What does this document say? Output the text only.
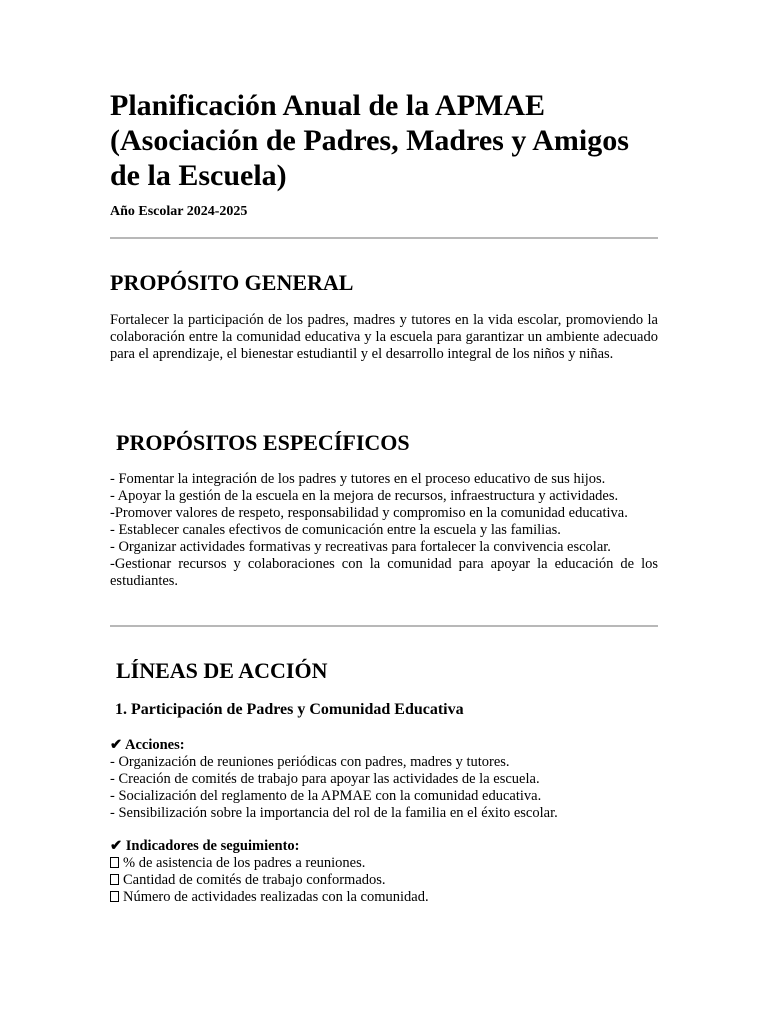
Planificación Anual de la APMAE (Asociación de Padres, Madres y Amigos de la Escuela)
Año Escolar 2024-2025
PROPÓSITO GENERAL

Fortalecer la participación de los padres, madres y tutores en la vida escolar, promoviendo la colaboración entre la comunidad educativa y la escuela para garantizar un ambiente adecuado para el aprendizaje, el bienestar estudiantil y el desarrollo integral de los niños y niñas.

PROPÓSITOS ESPECÍFICOS

- Fomentar la integración de los padres y tutores en el proceso educativo de sus hijos.

- Apoyar la gestión de la escuela en la mejora de recursos, infraestructura y actividades.

-Promover valores de respeto, responsabilidad y compromiso en la comunidad educativa.

- Establecer canales efectivos de comunicación entre la escuela y las familias.

- Organizar actividades formativas y recreativas para fortalecer la convivencia escolar.

-Gestionar recursos y colaboraciones con la comunidad para apoyar la educación de los estudiantes.

LÍNEAS DE ACCIÓN
1. Participación de Padres y Comunidad Educativa
✔ Acciones:
- Organización de reuniones periódicas con padres, madres y tutores.
- Creación de comités de trabajo para apoyar las actividades de la escuela.
- Socialización del reglamento de la APMAE con la comunidad educativa.
- Sensibilización sobre la importancia del rol de la familia en el éxito escolar.
✔ Indicadores de seguimiento:
% de asistencia de los padres a reuniones.
Cantidad de comités de trabajo conformados.
Número de actividades realizadas con la comunidad.
